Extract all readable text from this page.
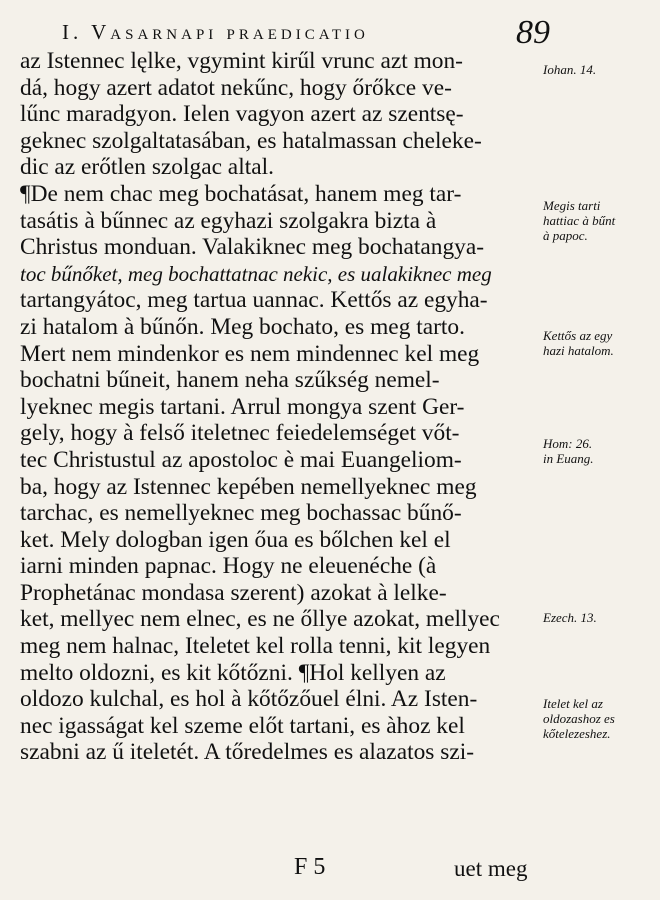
I. Vasarnapi praedicatio	89
az Istennec lęlke, vgymint kirűl vrunc azt mon-
dá, hogy azert adatot nekűnc, hogy őrőkce ve-
lűnc maradgyon. Ielen vagyon azert az szentsę-
geknec szolgaltatasában, es hatalmassan cheleke-
dic az erőtlen szolgac altal.
¶De nem chac meg bochatásat, hanem meg tar-
tasátis à bűnnec az egyhazi szolgakra bizta à
Christus monduan. Valakiknec meg bochatangya-
toc bűnőket, meg bochattatnac nekic, es ualakiknec meg
tartangyátoc, meg tartua uannac. Kettős az egyha-
zi hatalom à bűnőn. Meg bochato, es meg tarto.
Mert nem mindenkor es nem mindennec kel meg
bochatni bűneit, hanem neha szűkség nemel-
lyeknec megis tartani. Arrul mongya szent Ger-
gely, hogy à felső iteletnec feiedelemséget vőt-
tec Christustul az apostoloc è mai Euangeliom-
ba, hogy az Istennec kepében nemellyeknec meg
tarchac, es nemellyeknec meg bochassac bűnő-
ket. Mely dologban igen őua es bőlchen kel el
iarni minden papnac. Hogy ne eleuenéche (à
Prophetánac mondasa szerent) azokat à lelke-
ket, mellyec nem elnec, es ne őllye azokat, mellyec
meg nem halnac, Iteletet kel rolla tenni, kit legyen
melto oldozni, es kit kőtőzni. ¶Hol kellyen az
oldozo kulchal, es hol à kőtőzőuel élni. Az Isten-
nec igasságat kel szeme előt tartani, es àhoz kel
szabni az ű iteletét. A tőredelmes es alazatos szi-
Iohan. 14.
Megis tarti
hattiac à bűnt
à papoc.
Kettős az egy
hazi hatalom.
Hom: 26.
in Euang.
Ezech. 13.
Itelet kel az
oldozashoz es
kőtelezeshez.
F 5	uet meg
